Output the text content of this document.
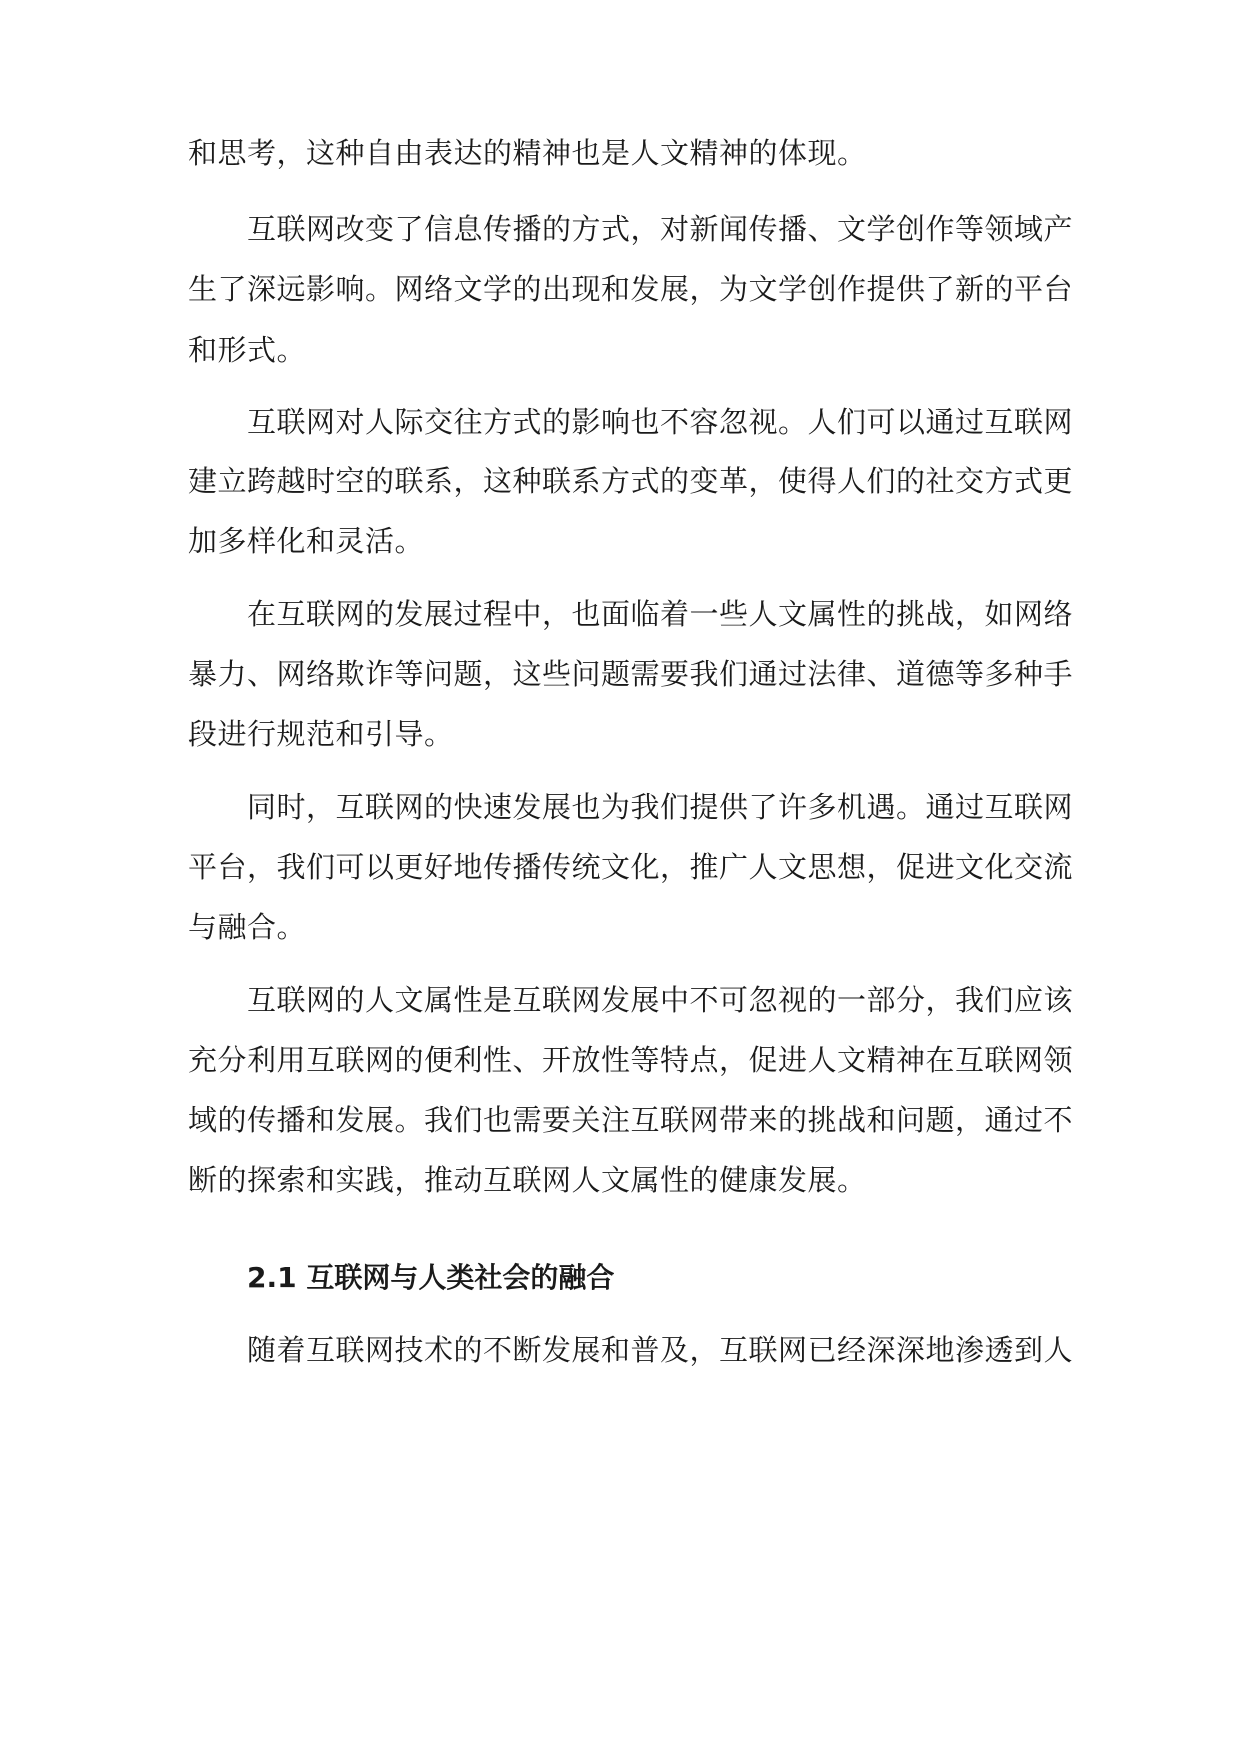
和思考，这种自由表达的精神也是人文精神的体现。
互联网改变了信息传播的方式，对新闻传播、文学创作等领域产
生了深远影响。网络文学的出现和发展，为文学创作提供了新的平台
和形式。
互联网对人际交往方式的影响也不容忽视。人们可以通过互联网
建立跨越时空的联系，这种联系方式的变革，使得人们的社交方式更
加多样化和灵活。
在互联网的发展过程中，也面临着一些人文属性的挑战，如网络
暴力、网络欺诈等问题，这些问题需要我们通过法律、道德等多种手
段进行规范和引导。
同时，互联网的快速发展也为我们提供了许多机遇。通过互联网
平台，我们可以更好地传播传统文化，推广人文思想，促进文化交流
与融合。
互联网的人文属性是互联网发展中不可忽视的一部分，我们应该
充分利用互联网的便利性、开放性等特点，促进人文精神在互联网领
域的传播和发展。我们也需要关注互联网带来的挑战和问题，通过不
断的探索和实践，推动互联网人文属性的健康发展。
2.1 互联网与人类社会的融合
随着互联网技术的不断发展和普及，互联网已经深深地渗透到人
